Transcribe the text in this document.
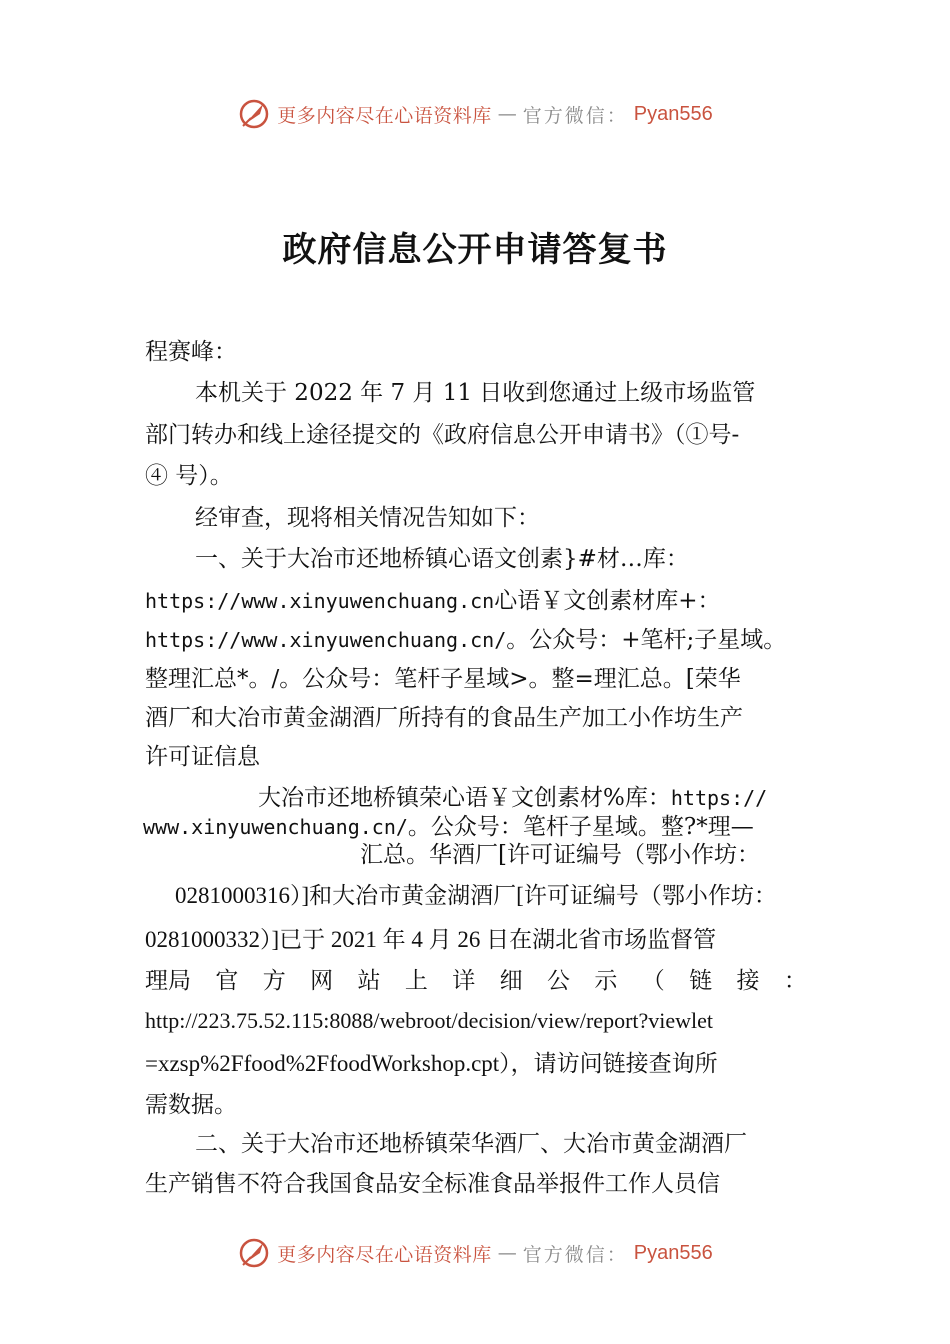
更多内容尽在心语资料库 — 官方微信： Pyan556
政府信息公开申请答复书
程赛峰：
本机关于 2022 年 7 月 11 日收到您通过上级市场监管
部门转办和线上途径提交的《政府信息公开申请书》（①号-
④ 号）。
经审查，现将相关情况告知如下：
一、关于大冶市还地桥镇心语文创素}#材…库：
https://www.xinyuwenchuang.cn心语￥文创素材库+：
https://www.xinyuwenchuang.cn/。公众号：+笔杆;子星域。
整理汇总*。/。公众号：笔杆子星域>。整=理汇总。[荣华
酒厂和大冶市黄金湖酒厂所持有的食品生产加工小作坊生产
许可证信息
大冶市还地桥镇荣心语￥文创素材%库：https://
www.xinyuwenchuang.cn/。公众号：笔杆子星域。整?*理—
汇总。华酒厂[许可证编号（鄂小作坊：
0281000316）]和大冶市黄金湖酒厂[许可证编号（鄂小作坊：
0281000332）]已于 2021 年 4 月 26 日在湖北省市场监督管
理局 官 方 网 站 上 详 细 公 示 （ 链 接 ：
http://223.75.52.115:8088/webroot/decision/view/report?viewlet
=xzsp%2Ffood%2FfoodWorkshop.cpt），请访问链接查询所
需数据。
二、关于大冶市还地桥镇荣华酒厂、大冶市黄金湖酒厂
生产销售不符合我国食品安全标准食品举报件工作人员信
更多内容尽在心语资料库 — 官方微信： Pyan556
